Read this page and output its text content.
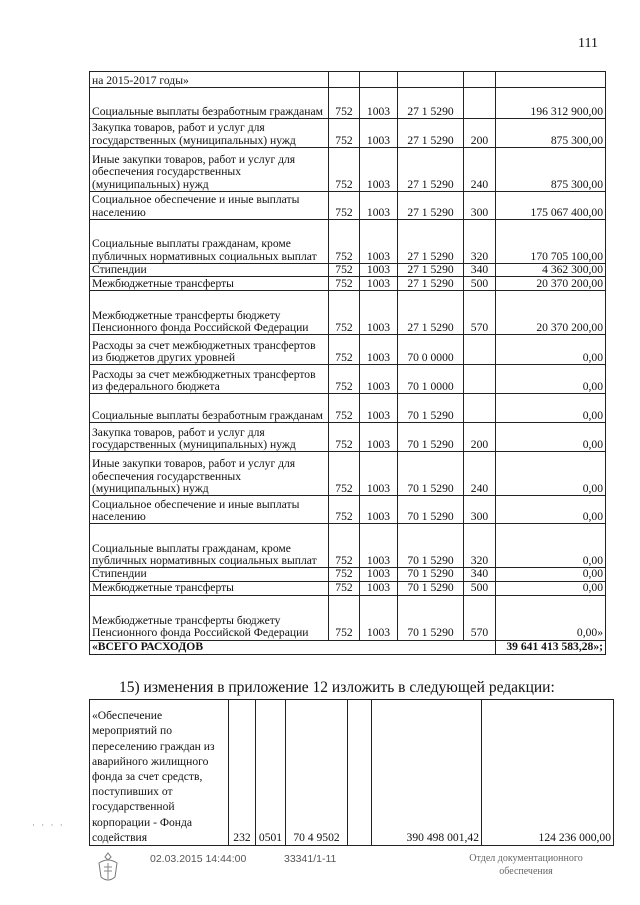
111
на 2015-2017 годы»					
Социальные выплаты безработным гражданам	752	1003	27 1 5290		196 312 900,00
Закупка товаров, работ и услуг для государственных (муниципальных) нужд	752	1003	27 1 5290	200	875 300,00
Иные закупки товаров, работ и услуг для обеспечения государственных (муниципальных) нужд	752	1003	27 1 5290	240	875 300,00
Социальное обеспечение и иные выплаты населению	752	1003	27 1 5290	300	175 067 400,00
Социальные выплаты гражданам, кроме публичных нормативных социальных выплат	752	1003	27 1 5290	320	170 705 100,00
Стипендии	752	1003	27 1 5290	340	4 362 300,00
Межбюджетные трансферты	752	1003	27 1 5290	500	20 370 200,00
Межбюджетные трансферты бюджету Пенсионного фонда Российской Федерации	752	1003	27 1 5290	570	20 370 200,00
Расходы за счет межбюджетных трансфертов из бюджетов других уровней	752	1003	70 0 0000		0,00
Расходы за счет межбюджетных трансфертов из федерального бюджета	752	1003	70 1 0000		0,00
Социальные выплаты безработным гражданам	752	1003	70 1 5290		0,00
Закупка товаров, работ и услуг для государственных (муниципальных) нужд	752	1003	70 1 5290	200	0,00
Иные закупки товаров, работ и услуг для обеспечения государственных (муниципальных) нужд	752	1003	70 1 5290	240	0,00
Социальное обеспечение и иные выплаты населению	752	1003	70 1 5290	300	0,00
Социальные выплаты гражданам, кроме публичных нормативных социальных выплат	752	1003	70 1 5290	320	0,00
Стипендии	752	1003	70 1 5290	340	0,00
Межбюджетные трансферты	752	1003	70 1 5290	500	0,00
Межбюджетные трансферты бюджету Пенсионного фонда Российской Федерации	752	1003	70 1 5290	570	0,00»
«ВСЕГО РАСХОДОВ					39 641 413 583,28»;
15) изменения в приложение 12 изложить в следующей редакции:
«Обеспечение мероприятий по переселению граждан из аварийного жилищного фонда за счет средств, поступивших от государственной корпорации - Фонда содействия	232	0501	70 4 9502		390 498 001,42	124 236 000,00
· · · ·
02.03.2015 14:44:00	33341/1-11	Отдел документационного обеспечения
